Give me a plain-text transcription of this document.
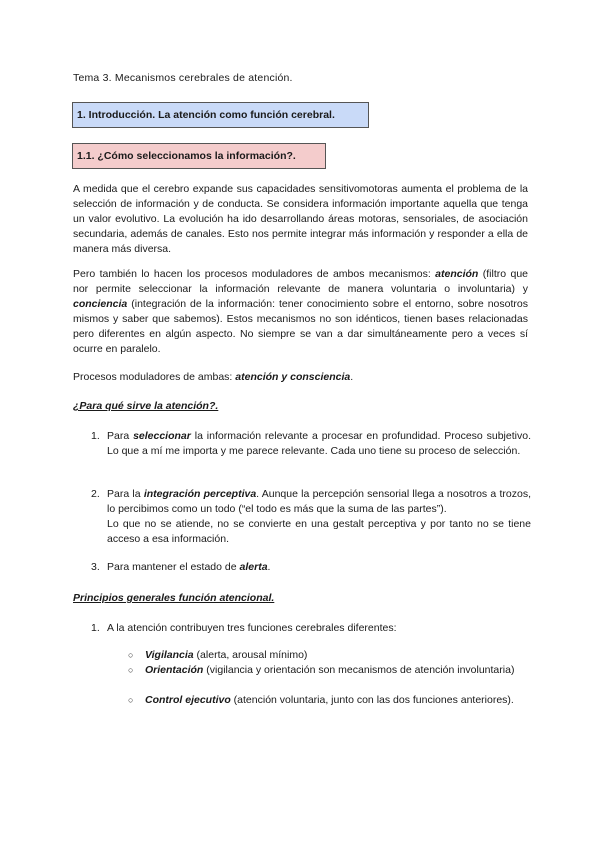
Tema 3. Mecanismos cerebrales de atención.
1. Introducción. La atención como función cerebral.
1.1. ¿Cómo seleccionamos la información?.

A medida que el cerebro expande sus capacidades sensitivomotoras aumenta el problema de la selección de información y de conducta. Se considera información importante aquella que tenga un valor evolutivo. La evolución ha ido desarrollando áreas motoras, sensoriales, de asociación secundaria, además de canales. Esto nos permite integrar más información y responder a ella de manera más diversa.

Pero también lo hacen los procesos moduladores de ambos mecanismos: atención (filtro que nor permite seleccionar la información relevante de manera voluntaria o involuntaria) y conciencia (integración de la información: tener conocimiento sobre el entorno, sobre nosotros mismos y saber que sabemos). Estos mecanismos no son idénticos, tienen bases relacionadas pero diferentes en algún aspecto. No siempre se van a dar simultáneamente pero a veces sí ocurre en paralelo.

Procesos moduladores de ambas: atención y consciencia.

¿Para qué sirve la atención?.
1. Para seleccionar la información relevante a procesar en profundidad. Proceso subjetivo. Lo que a mí me importa y me parece relevante. Cada uno tiene su proceso de selección.
2. Para la integración perceptiva. Aunque la percepción sensorial llega a nosotros a trozos, lo percibimos como un todo (“el todo es más que la suma de las partes”).
Lo que no se atiende, no se convierte en una gestalt perceptiva y por tanto no se tiene acceso a esa información.
3. Para mantener el estado de alerta.
Principios generales función atencional.
1. A la atención contribuyen tres funciones cerebrales diferentes:
○	Vigilancia (alerta, arousal mínimo)
○	Orientación (vigilancia y orientación son mecanismos de atención involuntaria)
○	Control ejecutivo (atención voluntaria, junto con las dos funciones anteriores).
